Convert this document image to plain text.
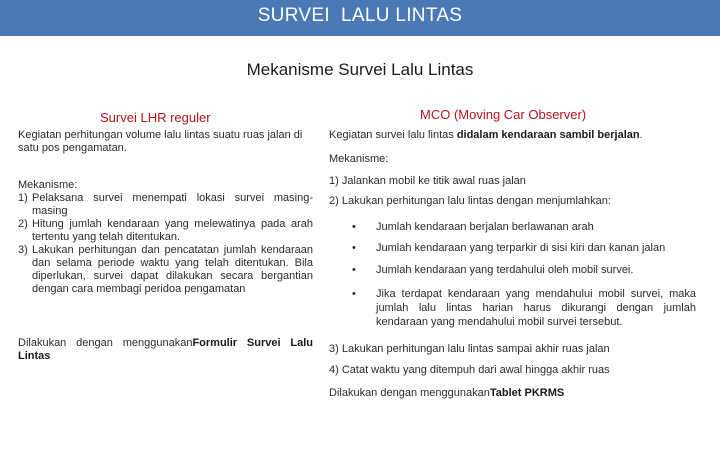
SURVEI  LALU LINTAS
Mekanisme Survei Lalu Lintas
Survei LHR reguler	MCO (Moving Car Observer)
Kegiatan perhitungan volume lalu lintas suatu ruas jalan di satu pos pengamatan.
Mekanisme:
1) Pelaksana survei menempati lokasi survei masing-masing
2) Hitung jumlah kendaraan yang melewatinya pada arah tertentu yang telah ditentukan.
3) Lakukan perhitungan dan pencatatan jumlah kendaraan dan selama periode waktu yang telah ditentukan. Bila diperlukan, survei dapat dilakukan secara bergantian dengan cara membagi peridoa pengamatan
Dilakukan dengan menggunakanFormulir Survei Lalu Lintas
Kegiatan survei lalu lintas didalam kendaraan sambil berjalan.
Mekanisme:
1) Jalankan mobil ke titik awal ruas jalan
2) Lakukan perhitungan lalu lintas dengan menjumlahkan:
• Jumlah kendaraan berjalan berlawanan arah
• Jumlah kendaraan yang terparkir di sisi kiri dan kanan jalan
• Jumlah kendaraan yang terdahului oleh mobil survei.
• Jika terdapat kendaraan yang mendahului mobil survei, maka jumlah lalu lintas harian harus dikurangi dengan jumlah kendaraan yang mendahului mobil survei tersebut.
3) Lakukan perhitungan lalu lintas sampai akhir ruas jalan
4) Catat waktu yang ditempuh dari awal hingga akhir ruas
Dilakukan dengan menggunakanTablet PKRMS
